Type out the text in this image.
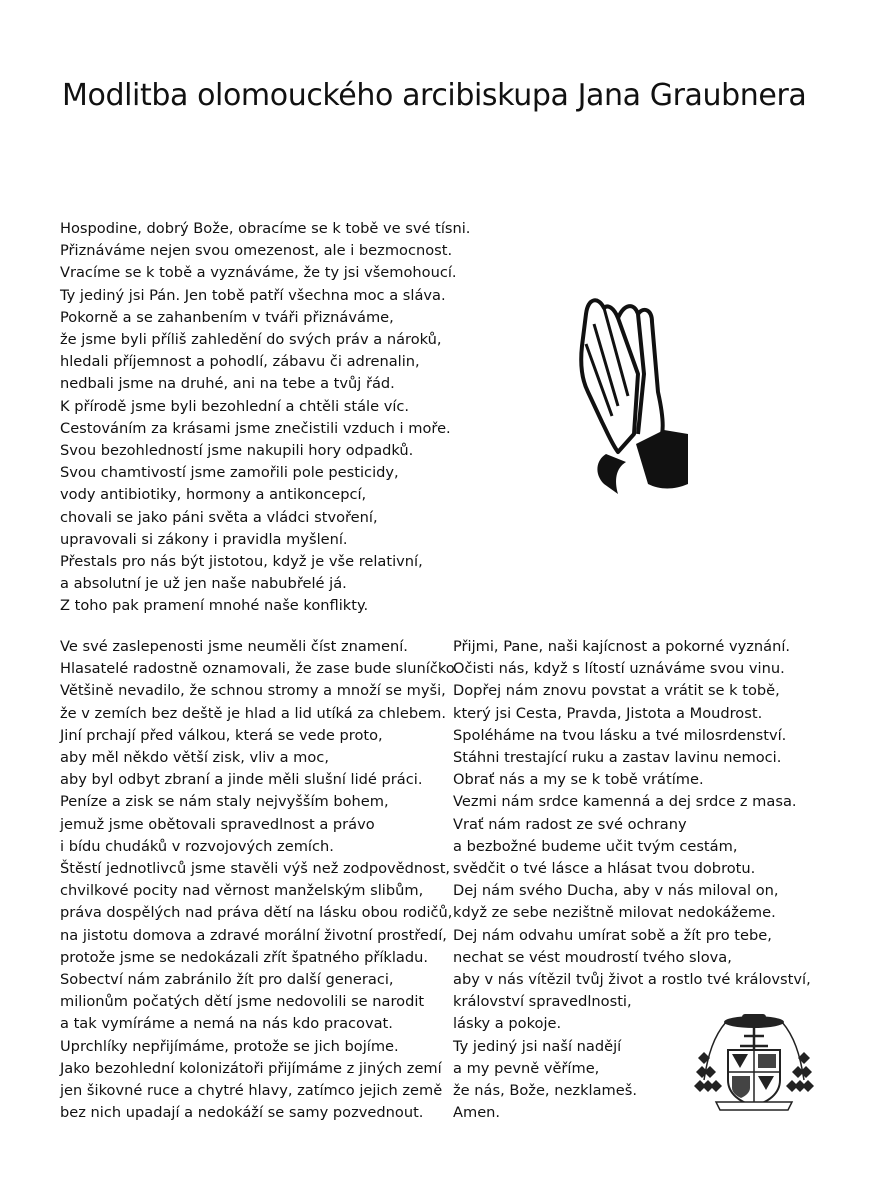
Modlitba olomouckého arcibiskupa Jana Graubnera
Hospodine, dobrý Bože, obracíme se k tobě ve své tísni.
Přiznáváme nejen svou omezenost, ale i bezmocnost.
Vracíme se k tobě a vyznáváme, že ty jsi všemohoucí.
Ty jediný jsi Pán. Jen tobě patří všechna moc a sláva.
Pokorně a se zahanbením v tváři přiznáváme,
že jsme byli příliš zahledění do svých práv a nároků,
hledali příjemnost a pohodlí, zábavu či adrenalin,
nedbali jsme na druhé, ani na tebe a tvůj řád.
K přírodě jsme byli bezohlední a chtěli stále víc.
Cestováním za krásami jsme znečistili vzduch i moře.
Svou bezohledností jsme nakupili hory odpadků.
Svou chamtivostí jsme zamořili pole pesticidy,
vody antibiotiky, hormony a antikoncepcí,
chovali se jako páni světa a vládci stvoření,
upravovali si zákony i pravidla myšlení.
Přestals pro nás být jistotou, když je vše relativní,
a absolutní je už jen naše nabubřelé já.
Z toho pak pramení mnohé naše konflikty.
Ve své zaslepenosti jsme neuměli číst znamení.
Hlasatelé radostně oznamovali, že zase bude sluníčko.
Většině nevadilo, že schnou stromy a množí se myši,
že v zemích bez deště je hlad a lid utíká za chlebem.
Jiní prchají před válkou, která se vede proto,
aby měl někdo větší zisk, vliv a moc,
aby byl odbyt zbraní a jinde měli slušní lidé práci.
Peníze a zisk se nám staly nejvyšším bohem,
jemuž jsme obětovali spravedlnost a právo
i bídu chudáků v rozvojových zemích.
Štěstí jednotlivců jsme stavěli výš než zodpovědnost,
chvilkové pocity nad věrnost manželským slibům,
práva dospělých nad práva dětí na lásku obou rodičů,
na jistotu domova a zdravé morální životní prostředí,
protože jsme se nedokázali zřít špatného příkladu.
Sobectví nám zabránilo žít pro další generaci,
milionům počatých dětí jsme nedovolili se narodit
a tak vymíráme a nemá na nás kdo pracovat.
Uprchlíky nepřijímáme, protože se jich bojíme.
Jako bezohlední kolonizátoři přijímáme z jiných zemí
jen šikovné ruce a chytré hlavy, zatímco jejich země
bez nich upadají a nedokáží se samy pozvednout.
Přijmi, Pane, naši kajícnost a pokorné vyznání.
Očisti nás, když s lítostí uznáváme svou vinu.
Dopřej nám znovu povstat a vrátit se k tobě,
který jsi Cesta, Pravda, Jistota a Moudrost.
Spoléháme na tvou lásku a tvé milosrdenství.
Stáhni trestající ruku a zastav lavinu nemoci.
Obrať nás a my se k tobě vrátíme.
Vezmi nám srdce kamenná a dej srdce z masa.
Vrať nám radost ze své ochrany
a bezbožné budeme učit tvým cestám,
svědčit o tvé lásce a hlásat tvou dobrotu.
Dej nám svého Ducha, aby v nás miloval on,
když ze sebe nezištně milovat nedokážeme.
Dej nám odvahu umírat sobě a žít pro tebe,
nechat se vést moudrostí tvého slova,
aby v nás vítězil tvůj život a rostlo tvé království,
království spravedlnosti,
lásky a pokoje.
Ty jediný jsi naší nadějí
a my pevně věříme,
že nás, Bože, nezklameš.
Amen.
